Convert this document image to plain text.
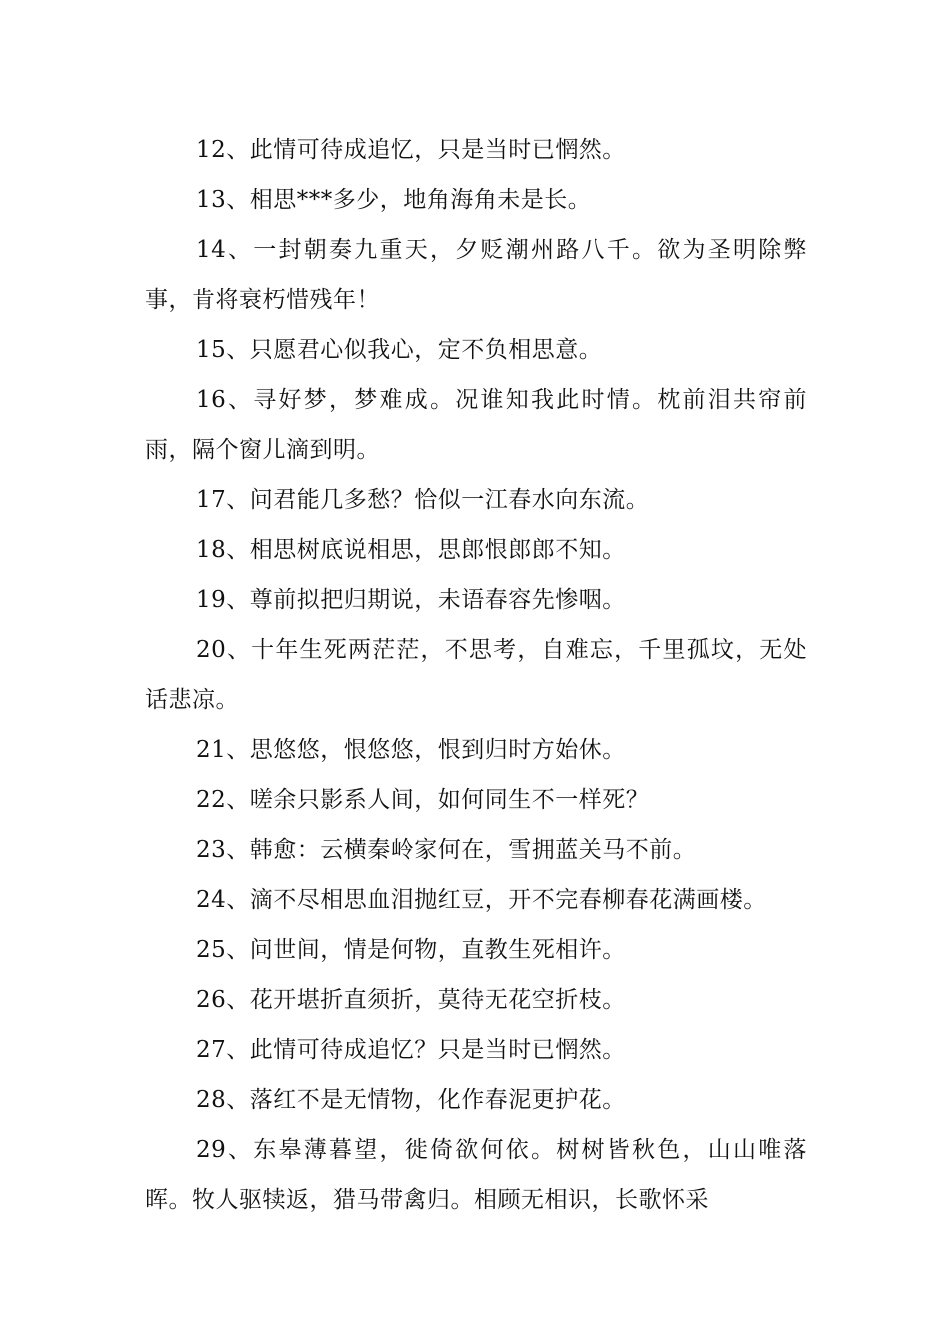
12、此情可待成追忆，只是当时已惘然。

13、相思***多少，地角海角未是长。

14、一封朝奏九重天，夕贬潮州路八千。欲为圣明除弊事，肯将衰朽惜残年！

15、只愿君心似我心，定不负相思意。

16、寻好梦，梦难成。况谁知我此时情。枕前泪共帘前雨，隔个窗儿滴到明。

17、问君能几多愁？恰似一江春水向东流。

18、相思树底说相思，思郎恨郎郎不知。

19、尊前拟把归期说，未语春容先惨咽。

20、十年生死两茫茫，不思考，自难忘，千里孤坟，无处话悲凉。

21、思悠悠，恨悠悠，恨到归时方始休。

22、嗟余只影系人间，如何同生不一样死？

23、韩愈：云横秦岭家何在，雪拥蓝关马不前。

24、滴不尽相思血泪抛红豆，开不完春柳春花满画楼。

25、问世间，情是何物，直教生死相许。

26、花开堪折直须折，莫待无花空折枝。

27、此情可待成追忆？只是当时已惘然。

28、落红不是无情物，化作春泥更护花。

29、东皋薄暮望，徙倚欲何依。树树皆秋色，山山唯落晖。牧人驱犊返，猎马带禽归。相顾无相识，长歌怀采
